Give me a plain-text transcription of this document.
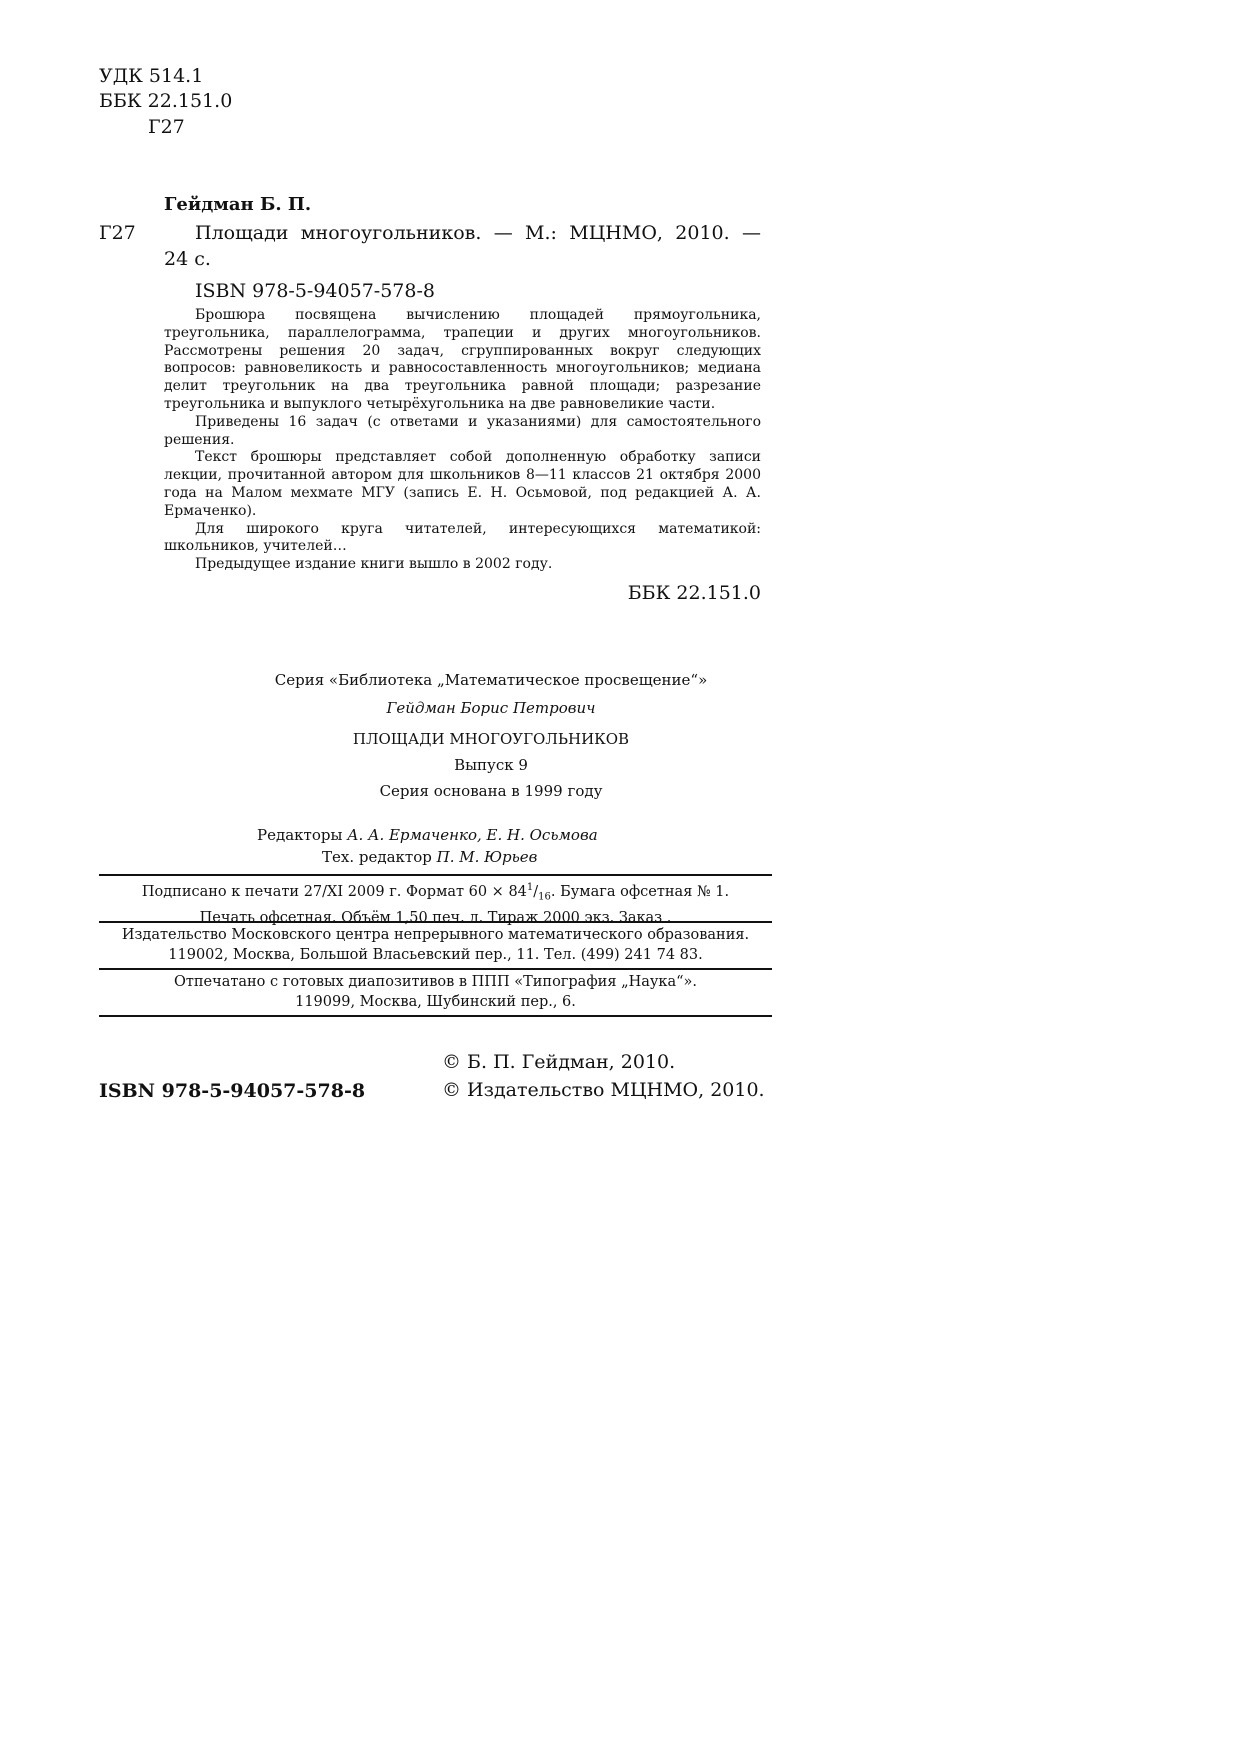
УДК 514.1
ББК 22.151.0
Г27
Гейдман Б. П.
Г27	Площади многоугольников. — М.: МЦНМО, 2010. —
24 с.
ISBN 978-5-94057-578-8

Брошюра посвящена вычислению площадей прямоугольника, треугольника, параллелограмма, трапеции и других многоугольников. Рассмотрены решения 20 задач, сгруппированных вокруг следующих вопросов: равновеликость и равносоставленность многоугольников; медиана делит треугольник на два треугольника равной площади; разрезание треугольника и выпуклого четырёхугольника на две равновеликие части.

Приведены 16 задач (с ответами и указаниями) для самостоятельного решения.

Текст брошюры представляет собой дополненную обработку записи лекции, прочитанной автором для школьников 8—11 классов 21 октября 2000 года на Малом мехмате МГУ (запись Е. Н. Осьмовой, под редакцией А. А. Ермаченко).

Для широкого круга читателей, интересующихся математикой: школьников, учителей…

Предыдущее издание книги вышло в 2002 году.

ББК 22.151.0
Серия «Библиотека „Математическое просвещение“»
Гейдман Борис Петрович
ПЛОЩАДИ МНОГОУГОЛЬНИКОВ
Выпуск 9
Серия основана в 1999 году
Редакторы А. А. Ермаченко, Е. Н. Осьмова
Тех. редактор П. М. Юрьев
Подписано к печати 27/XI 2009 г. Формат $60 \times 84^1/_{16}$. Бумага офсетная № 1.
Печать офсетная. Объём 1,50 печ. л. Тираж 2000 экз. Заказ .
Издательство Московского центра непрерывного математического образования.
119002, Москва, Большой Власьевский пер., 11. Тел. (499) 241 74 83.
Отпечатано с готовых диапозитивов в ППП «Типография „Наука“».
119099, Москва, Шубинский пер., 6.
© Б. П. Гейдман, 2010.
© Издательство МЦНМО, 2010.
ISBN 978-5-94057-578-8
